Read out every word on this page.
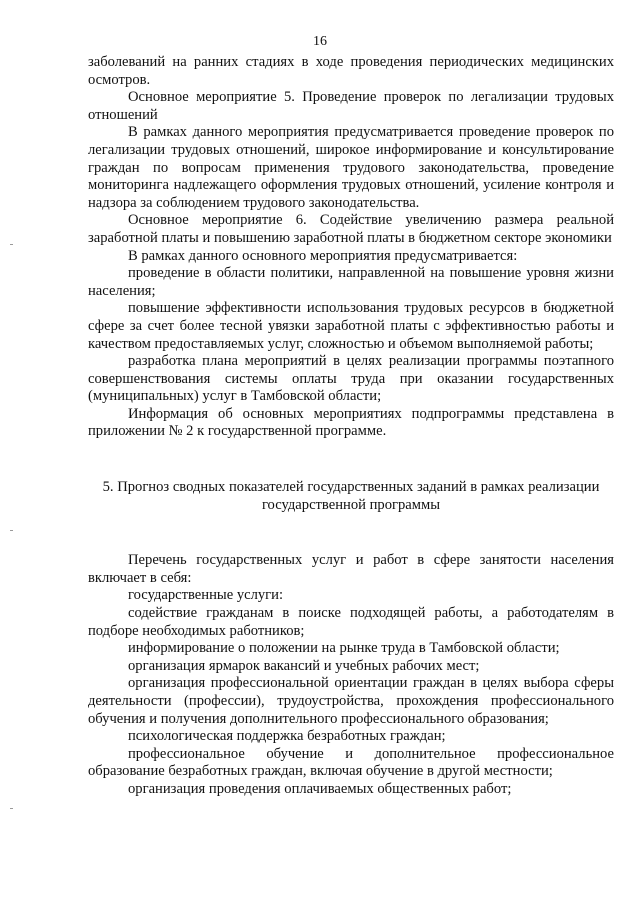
16

заболеваний на ранних стадиях в ходе проведения периодических медицинских осмотров.

Основное мероприятие 5. Проведение проверок по легализации трудовых отношений

В рамках данного мероприятия предусматривается проведение проверок по легализации трудовых отношений, широкое информирование и консультирование граждан по вопросам применения трудового законодательства, проведение мониторинга надлежащего оформления трудовых отношений, усиление контроля и надзора за соблюдением трудового законодательства.

Основное мероприятие 6. Содействие увеличению размера реальной заработной платы и повышению заработной платы в бюджетном секторе экономики

В рамках данного основного мероприятия предусматривается:

проведение в области политики, направленной на повышение уровня жизни населения;

повышение эффективности использования трудовых ресурсов в бюджетной сфере за счет более тесной увязки заработной платы с эффективностью работы и качеством предоставляемых услуг, сложностью и объемом выполняемой работы;

разработка плана мероприятий в целях реализации программы поэтапного совершенствования системы оплаты труда при оказании государственных (муниципальных) услуг в Тамбовской области;

Информация об основных мероприятиях подпрограммы представлена в приложении № 2 к государственной программе.

5. Прогноз сводных показателей государственных заданий в рамках реализации государственной программы

Перечень государственных услуг и работ в сфере занятости населения включает в себя:

государственные услуги:

содействие гражданам в поиске подходящей работы, а работодателям в подборе необходимых работников;

информирование о положении на рынке труда в Тамбовской области;

организация ярмарок вакансий и учебных рабочих мест;

организация профессиональной ориентации граждан в целях выбора сферы деятельности (профессии), трудоустройства, прохождения профессионального обучения и получения дополнительного профессионального образования;

психологическая поддержка безработных граждан;

профессиональное обучение и дополнительное профессиональное образование безработных граждан, включая обучение в другой местности;

организация проведения оплачиваемых общественных работ;
